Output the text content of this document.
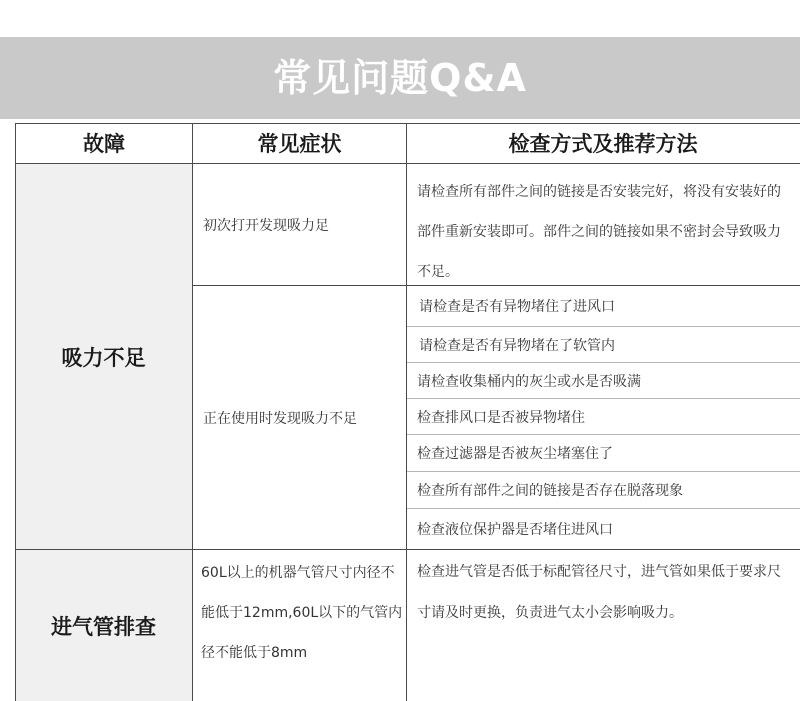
常见问题Q&A
故障	常见症状	检查方式及推荐方法
吸力不足
初次打开发现吸力足
请检查所有部件之间的链接是否安装完好，将没有安装好的部件重新安装即可。部件之间的链接如果不密封会导致吸力不足。
正在使用时发现吸力不足
请检查是否有异物堵住了进风口
请检查是否有异物堵在了软管内
请检查收集桶内的灰尘或水是否吸满
检查排风口是否被异物堵住
检查过滤器是否被灰尘堵塞住了
检查所有部件之间的链接是否存在脱落现象
检查液位保护器是否堵住进风口
进气管排查
60L以上的机器气管尺寸内径不能低于12mm,60L以下的气管内径不能低于8mm
检查进气管是否低于标配管径尺寸，进气管如果低于要求尺寸请及时更换，负责进气太小会影响吸力。
